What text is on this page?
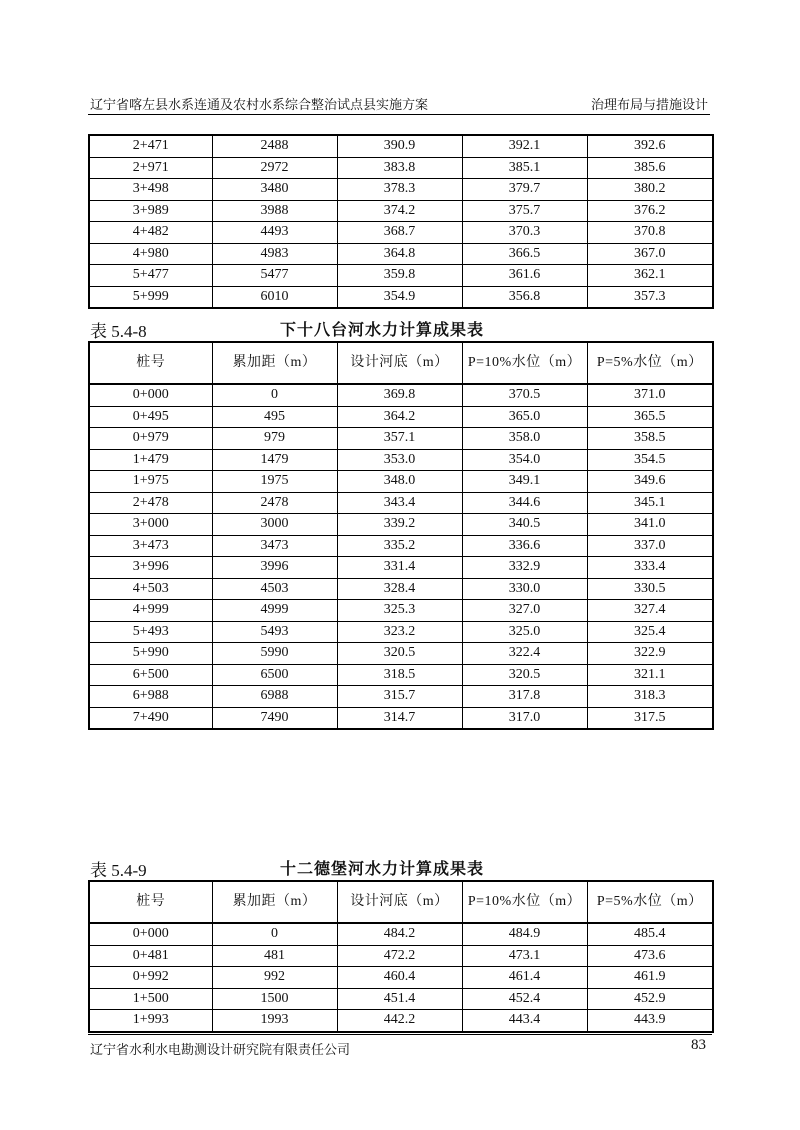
辽宁省喀左县水系连通及农村水系综合整治试点县实施方案	治理布局与措施设计
2+471	2488	390.9	392.1	392.6
2+971	2972	383.8	385.1	385.6
3+498	3480	378.3	379.7	380.2
3+989	3988	374.2	375.7	376.2
4+482	4493	368.7	370.3	370.8
4+980	4983	364.8	366.5	367.0
5+477	5477	359.8	361.6	362.1
5+999	6010	354.9	356.8	357.3
表 5.4-8	下十八台河水力计算成果表
桩号	累加距（m）	设计河底（m）	P=10%水位（m）	P=5%水位（m）
0+000	0	369.8	370.5	371.0
0+495	495	364.2	365.0	365.5
0+979	979	357.1	358.0	358.5
1+479	1479	353.0	354.0	354.5
1+975	1975	348.0	349.1	349.6
2+478	2478	343.4	344.6	345.1
3+000	3000	339.2	340.5	341.0
3+473	3473	335.2	336.6	337.0
3+996	3996	331.4	332.9	333.4
4+503	4503	328.4	330.0	330.5
4+999	4999	325.3	327.0	327.4
5+493	5493	323.2	325.0	325.4
5+990	5990	320.5	322.4	322.9
6+500	6500	318.5	320.5	321.1
6+988	6988	315.7	317.8	318.3
7+490	7490	314.7	317.0	317.5
表 5.4-9	十二德堡河水力计算成果表
桩号	累加距（m）	设计河底（m）	P=10%水位（m）	P=5%水位（m）
0+000	0	484.2	484.9	485.4
0+481	481	472.2	473.1	473.6
0+992	992	460.4	461.4	461.9
1+500	1500	451.4	452.4	452.9
1+993	1993	442.2	443.4	443.9
辽宁省水利水电勘测设计研究院有限责任公司	83
